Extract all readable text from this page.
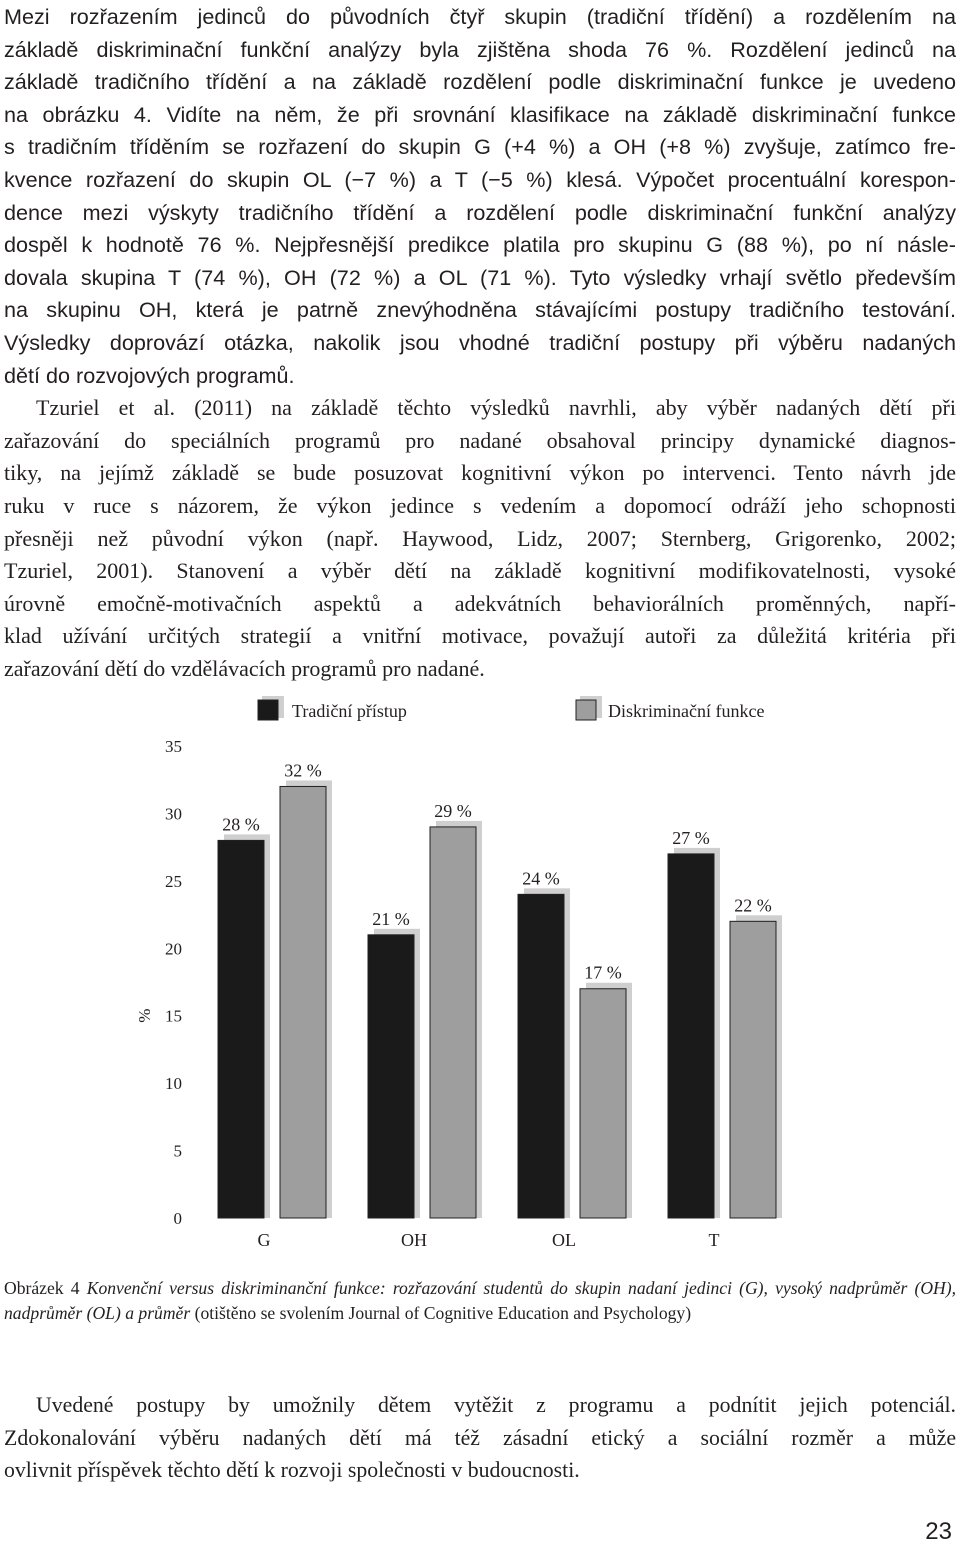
Mezi rozřazením jedinců do původních čtyř skupin (tradiční třídění) a rozdělením na
základě diskriminační funkční analýzy byla zjištěna shoda 76 %. Rozdělení jedinců na
základě tradičního třídění a na základě rozdělení podle diskriminační funkce je uvedeno
na obrázku 4. Vidíte na něm, že při srovnání klasifikace na základě diskriminační funkce
s tradičním tříděním se rozřazení do skupin G (+4 %) a OH (+8 %) zvyšuje, zatímco fre-
kvence rozřazení do skupin OL (−7 %) a T (−5 %) klesá. Výpočet procentuální korespon-
dence mezi výskyty tradičního třídění a rozdělení podle diskriminační funkční analýzy
dospěl k hodnotě 76 %. Nejpřesnější predikce platila pro skupinu G (88 %), po ní násle-
dovala skupina T (74 %), OH (72 %) a OL (71 %). Tyto výsledky vrhají světlo především
na skupinu OH, která je patrně znevýhodněna stávajícími postupy tradičního testování.
Výsledky doprovází otázka, nakolik jsou vhodné tradiční postupy při výběru nadaných
dětí do rozvojových programů.
Tzuriel et al. (2011) na základě těchto výsledků navrhli, aby výběr nadaných dětí při
zařazování do speciálních programů pro nadané obsahoval principy dynamické diagnos-
tiky, na jejímž základě se bude posuzovat kognitivní výkon po intervenci. Tento návrh jde
ruku v ruce s názorem, že výkon jedince s vedením a dopomocí odráží jeho schopnosti
přesněji než původní výkon (např. Haywood, Lidz, 2007; Sternberg, Grigorenko, 2002;
Tzuriel, 2001). Stanovení a výběr dětí na základě kognitivní modifikovatelnosti, vysoké
úrovně emočně-motivačních aspektů a adekvátních behaviorálních proměnných, napří-
klad užívání určitých strategií a vnitřní motivace, považují autoři za důležitá kritéria při
zařazování dětí do vzdělávacích programů pro nadané.

Tradiční přístup	Diskriminační funkce
0
5
10
15
20
25
30
35
%
28 %
32 %
21 %
29 %
24 %
17 %
27 %
22 %
G	OH	OL	T

Obrázek 4 Konvenční versus diskriminanční funkce: rozřazování studentů do skupin nadaní jedinci (G), vysoký nadprůměr (OH), nadprůměr (OL) a průměr (otištěno se svolením Journal of Cognitive Education and Psychology)

Uvedené postupy by umožnily dětem vytěžit z programu a podnítit jejich potenciál.
Zdokonalování výběru nadaných dětí má též zásadní etický a sociální rozměr a může
ovlivnit příspěvek těchto dětí k rozvoji společnosti v budoucnosti.

23
